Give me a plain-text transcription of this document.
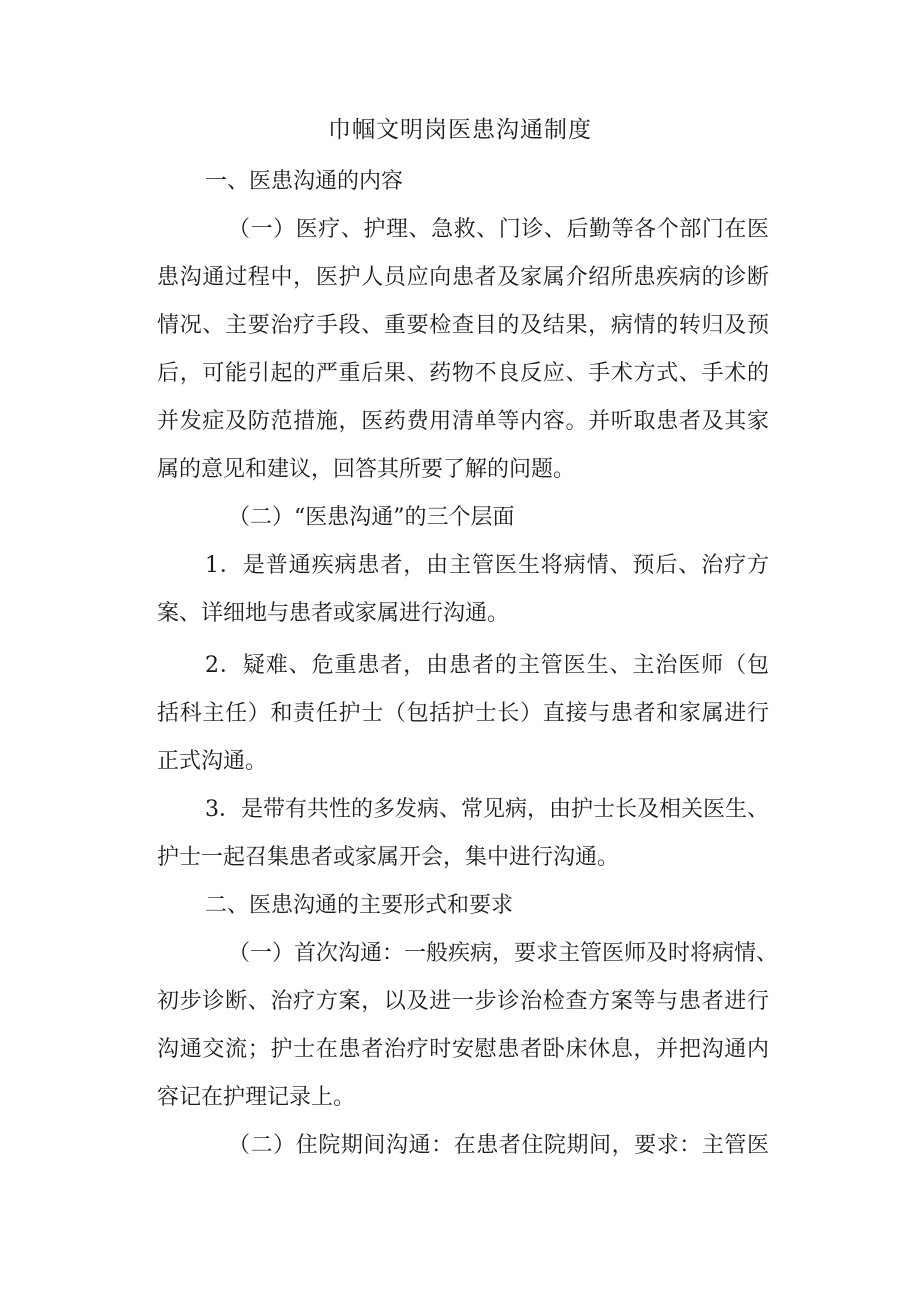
巾帼文明岗医患沟通制度

一、医患沟通的内容

（一）医疗、护理、急救、门诊、后勤等各个部门在医

患沟通过程中，医护人员应向患者及家属介绍所患疾病的诊断

情况、主要治疗手段、重要检查目的及结果，病情的转归及预

后，可能引起的严重后果、药物不良反应、手术方式、手术的

并发症及防范措施，医药费用清单等内容。并听取患者及其家

属的意见和建议，回答其所要了解的问题。

（二）“医患沟通”的三个层面

1．是普通疾病患者，由主管医生将病情、预后、治疗方

案、详细地与患者或家属进行沟通。

2．疑难、危重患者，由患者的主管医生、主治医师（包

括科主任）和责任护士（包括护士长）直接与患者和家属进行

正式沟通。

3．是带有共性的多发病、常见病，由护士长及相关医生、

护士一起召集患者或家属开会，集中进行沟通。

二、医患沟通的主要形式和要求

（一）首次沟通：一般疾病，要求主管医师及时将病情、

初步诊断、治疗方案，以及进一步诊治检查方案等与患者进行

沟通交流；护士在患者治疗时安慰患者卧床休息，并把沟通内

容记在护理记录上。

（二）住院期间沟通：在患者住院期间，要求：主管医
